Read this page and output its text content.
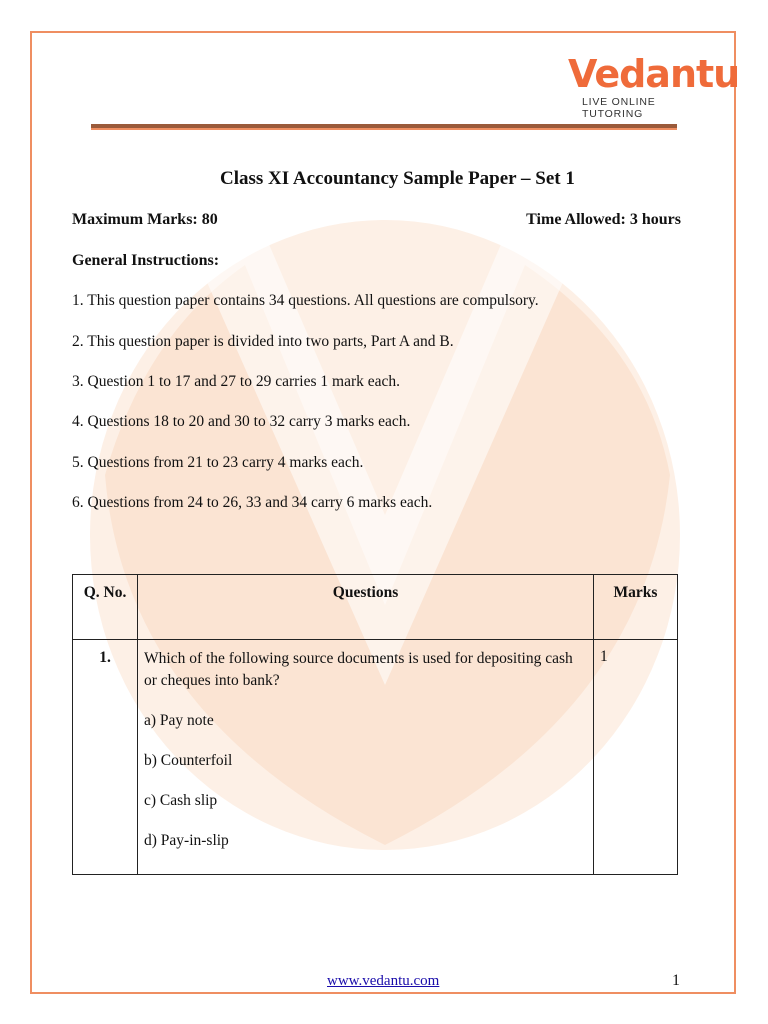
Vedantu
LIVE ONLINE TUTORING
Class XI Accountancy Sample Paper – Set 1
Maximum Marks: 80	Time Allowed: 3 hours
General Instructions:
1. This question paper contains 34 questions. All questions are compulsory.
2. This question paper is divided into two parts, Part A and B.
3. Question 1 to 17 and 27 to 29 carries 1 mark each.
4. Questions 18 to 20 and 30 to 32 carry 3 marks each.
5. Questions from 21 to 23 carry 4 marks each.
6. Questions from 24 to 26, 33 and 34 carry 6 marks each.
Q. No.	Questions	Marks
1.	Which of the following source documents is used for depositing cash or cheques into bank?

a) Pay note

b) Counterfoil

c) Cash slip

d) Pay-in-slip	1
www.vedantu.com	1
